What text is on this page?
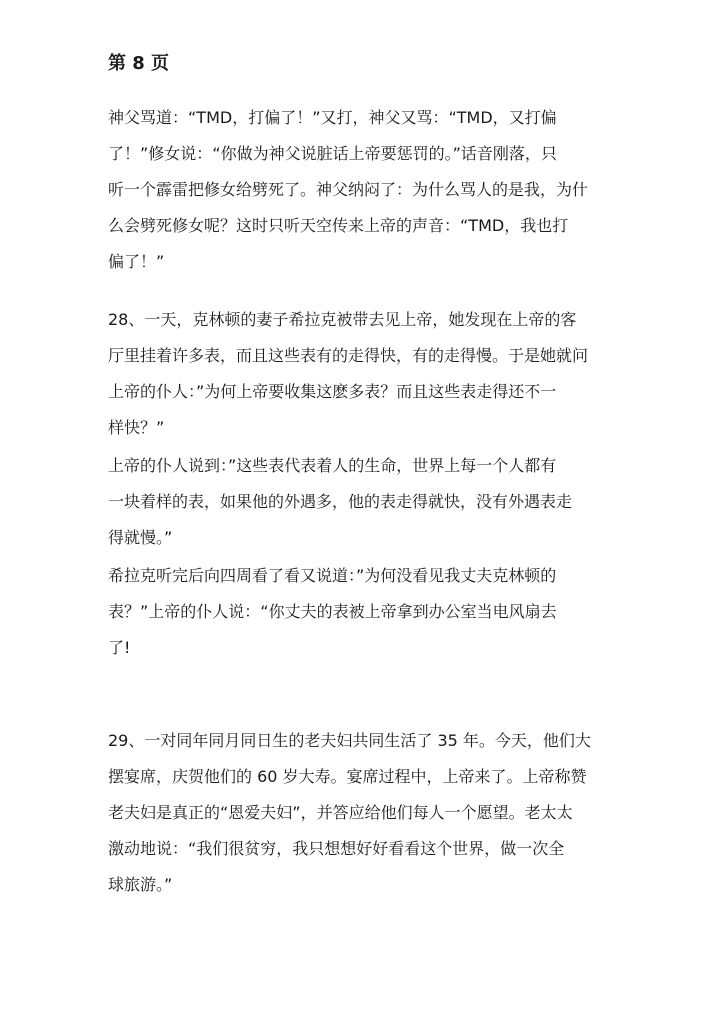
第 8 页
神父骂道：“TMD，打偏了！”又打，神父又骂：“TMD，又打偏
了！”修女说：“你做为神父说脏话上帝要惩罚的。”话音刚落，只
听一个霹雷把修女给劈死了。神父纳闷了：为什么骂人的是我，为什
么会劈死修女呢？这时只听天空传来上帝的声音：“TMD，我也打
偏了！”
28、一天，克林顿的妻子希拉克被带去见上帝，她发现在上帝的客
厅里挂着许多表，而且这些表有的走得快，有的走得慢。于是她就问
上帝的仆人：”为何上帝要收集这麽多表？而且这些表走得还不一
样快？”
上帝的仆人说到：”这些表代表着人的生命，世界上每一个人都有
一块着样的表，如果他的外遇多，他的表走得就快，没有外遇表走
得就慢。”
希拉克听完后向四周看了看又说道：”为何没看见我丈夫克林顿的
表？”上帝的仆人说：“你丈夫的表被上帝拿到办公室当电风扇去
了!
29、一对同年同月同日生的老夫妇共同生活了 35 年。今天，他们大
摆宴席，庆贺他们的 60 岁大寿。宴席过程中，上帝来了。上帝称赞
老夫妇是真正的“恩爱夫妇”，并答应给他们每人一个愿望。老太太
激动地说：“我们很贫穷，我只想想好好看看这个世界，做一次全
球旅游。”
